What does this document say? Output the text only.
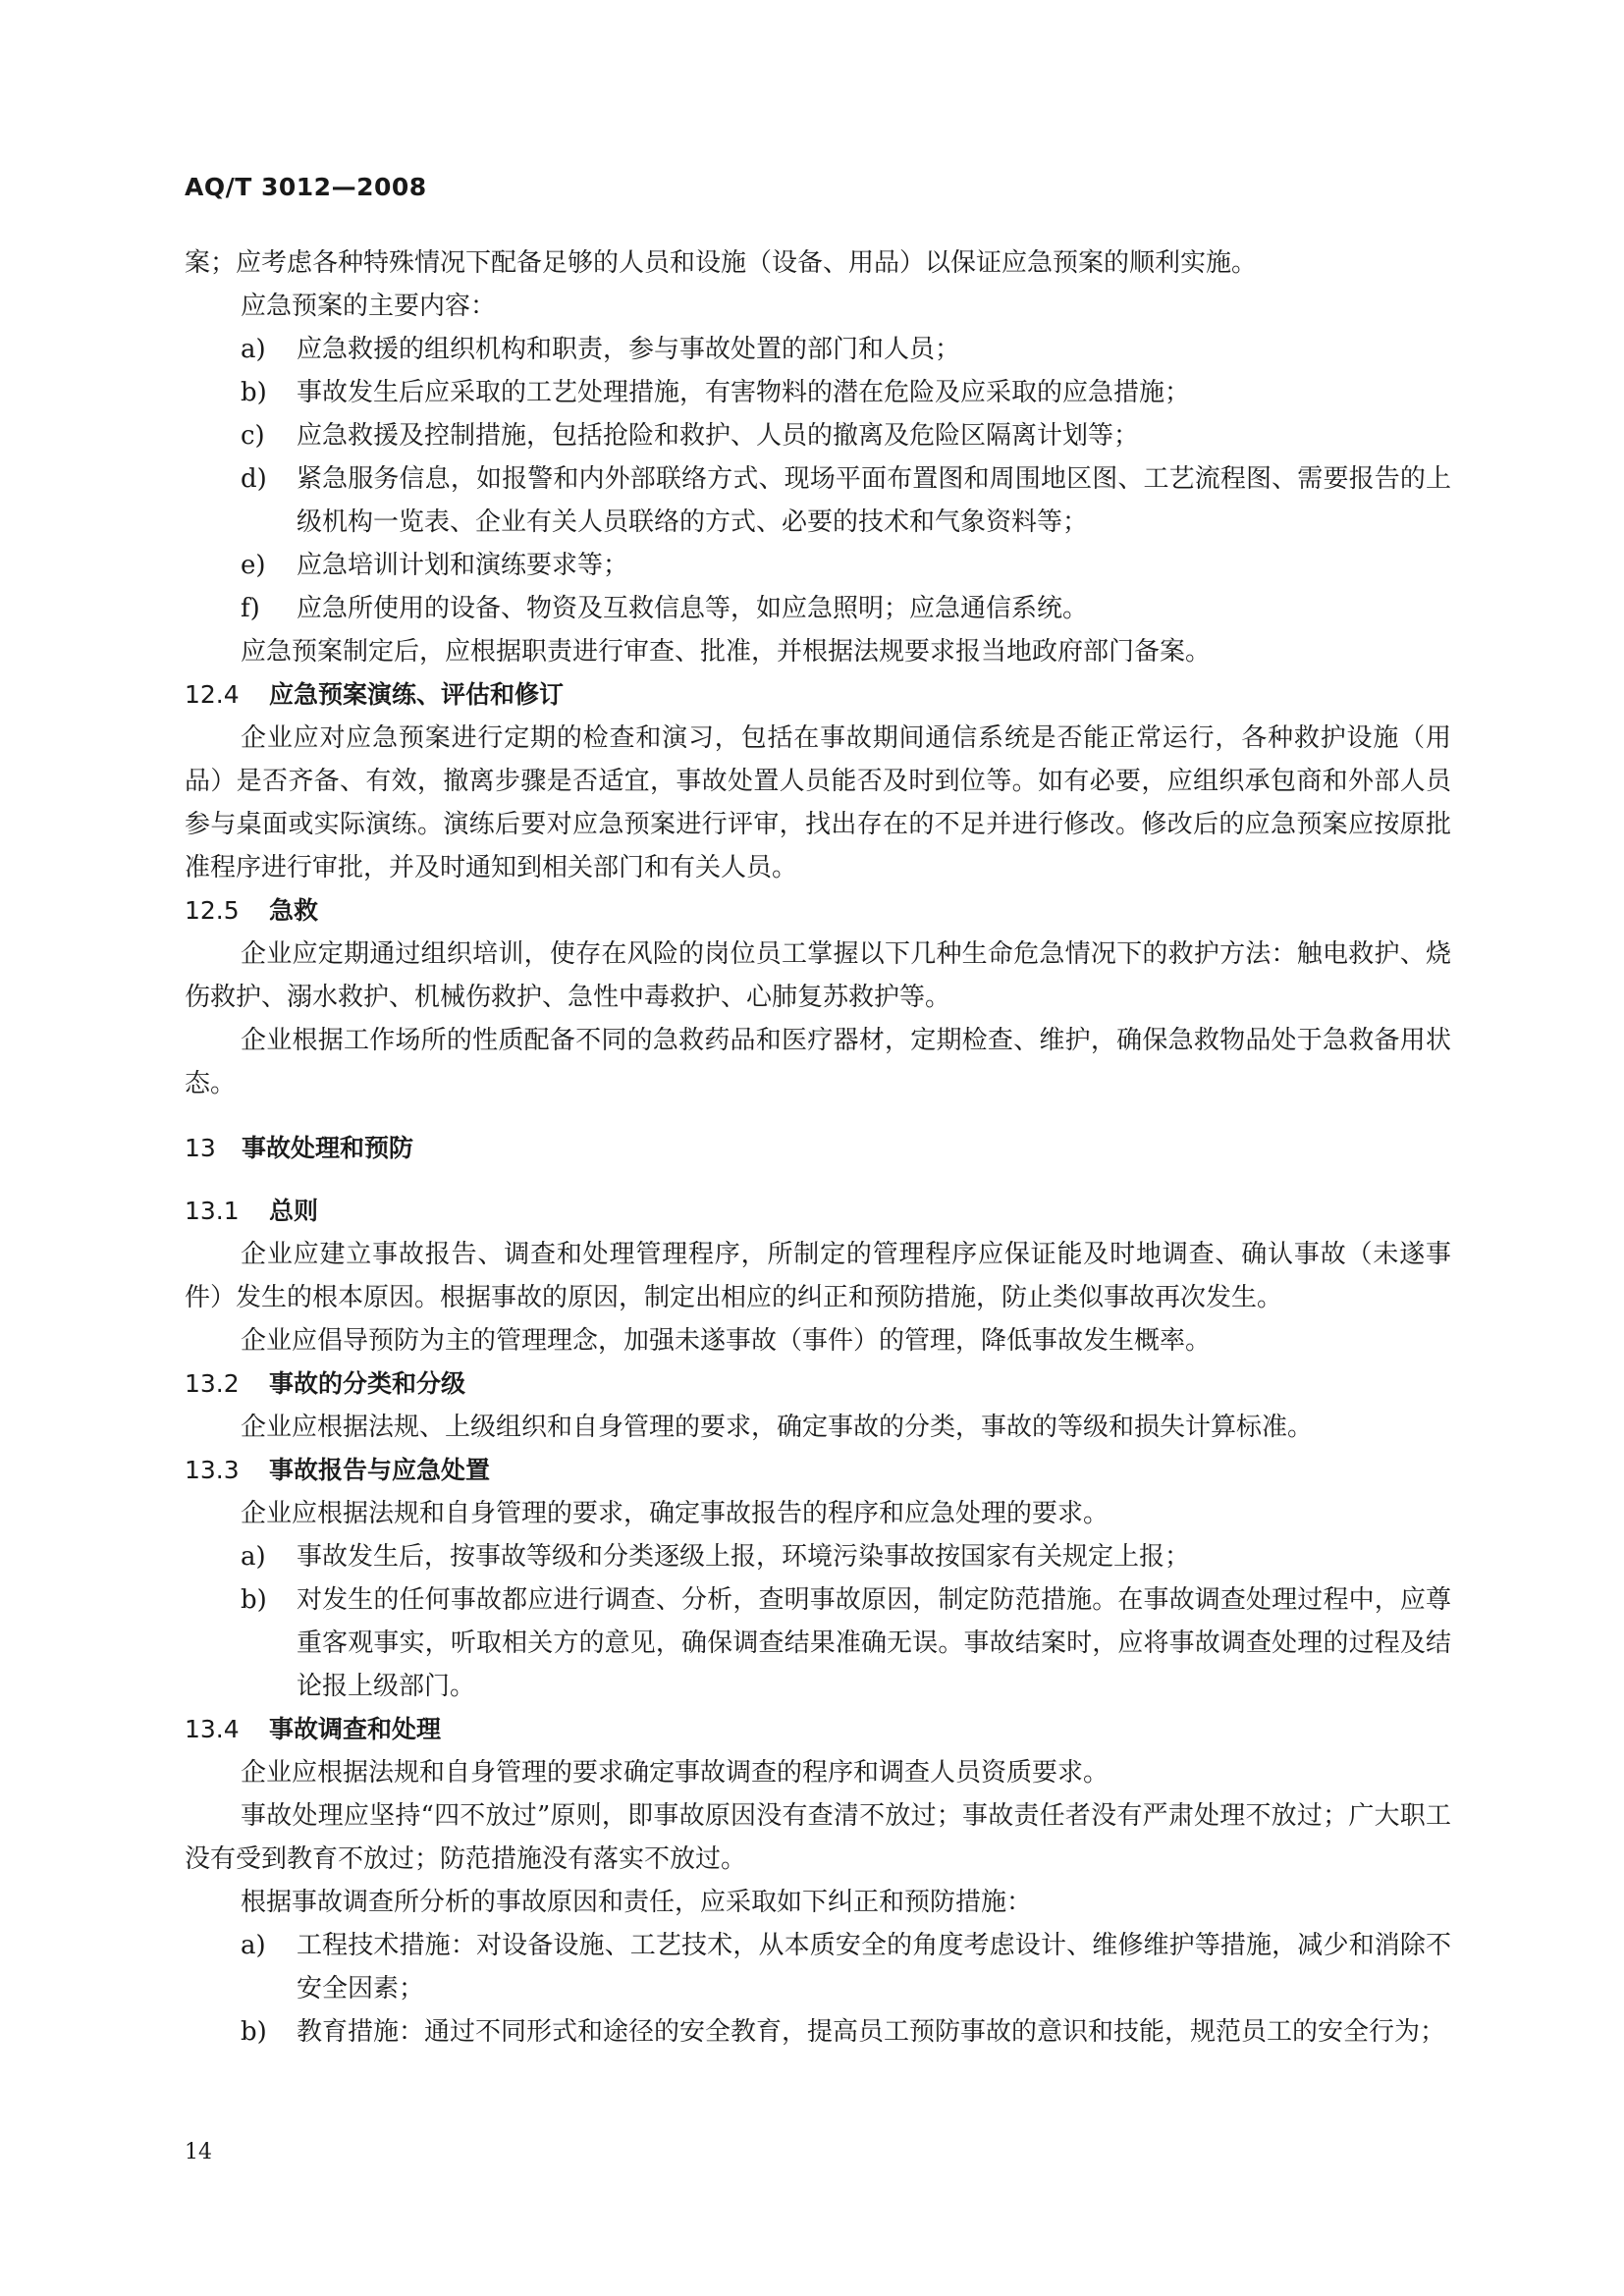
AQ/T 3012—2008

案；应考虑各种特殊情况下配备足够的人员和设施（设备、用品）以保证应急预案的顺利实施。

应急预案的主要内容：

a)	应急救援的组织机构和职责，参与事故处置的部门和人员；
b)	事故发生后应采取的工艺处理措施，有害物料的潜在危险及应采取的应急措施；
c)	应急救援及控制措施，包括抢险和救护、人员的撤离及危险区隔离计划等；
d)	紧急服务信息，如报警和内外部联络方式、现场平面布置图和周围地区图、工艺流程图、需要报告的上级机构一览表、企业有关人员联络的方式、必要的技术和气象资料等；
e)	应急培训计划和演练要求等；
f)	应急所使用的设备、物资及互救信息等，如应急照明；应急通信系统。

应急预案制定后，应根据职责进行审查、批准，并根据法规要求报当地政府部门备案。

12.4 应急预案演练、评估和修订

企业应对应急预案进行定期的检查和演习，包括在事故期间通信系统是否能正常运行，各种救护设施（用品）是否齐备、有效，撤离步骤是否适宜，事故处置人员能否及时到位等。如有必要，应组织承包商和外部人员参与桌面或实际演练。演练后要对应急预案进行评审，找出存在的不足并进行修改。修改后的应急预案应按原批准程序进行审批，并及时通知到相关部门和有关人员。

12.5 急救

企业应定期通过组织培训，使存在风险的岗位员工掌握以下几种生命危急情况下的救护方法：触电救护、烧伤救护、溺水救护、机械伤救护、急性中毒救护、心肺复苏救护等。

企业根据工作场所的性质配备不同的急救药品和医疗器材，定期检查、维护，确保急救物品处于急救备用状态。

13 事故处理和预防
13.1 总则

企业应建立事故报告、调查和处理管理程序，所制定的管理程序应保证能及时地调查、确认事故（未遂事件）发生的根本原因。根据事故的原因，制定出相应的纠正和预防措施，防止类似事故再次发生。

企业应倡导预防为主的管理理念，加强未遂事故（事件）的管理，降低事故发生概率。

13.2 事故的分类和分级

企业应根据法规、上级组织和自身管理的要求，确定事故的分类，事故的等级和损失计算标准。

13.3 事故报告与应急处置

企业应根据法规和自身管理的要求，确定事故报告的程序和应急处理的要求。

a)	事故发生后，按事故等级和分类逐级上报，环境污染事故按国家有关规定上报；
b)	对发生的任何事故都应进行调查、分析，查明事故原因，制定防范措施。在事故调查处理过程中，应尊重客观事实，听取相关方的意见，确保调查结果准确无误。事故结案时，应将事故调查处理的过程及结论报上级部门。
13.4 事故调查和处理

企业应根据法规和自身管理的要求确定事故调查的程序和调查人员资质要求。

事故处理应坚持“四不放过”原则，即事故原因没有查清不放过；事故责任者没有严肃处理不放过；广大职工没有受到教育不放过；防范措施没有落实不放过。

根据事故调查所分析的事故原因和责任，应采取如下纠正和预防措施：

a)	工程技术措施：对设备设施、工艺技术，从本质安全的角度考虑设计、维修维护等措施，减少和消除不安全因素；
b)	教育措施：通过不同形式和途径的安全教育，提高员工预防事故的意识和技能，规范员工的安全行为；
14
